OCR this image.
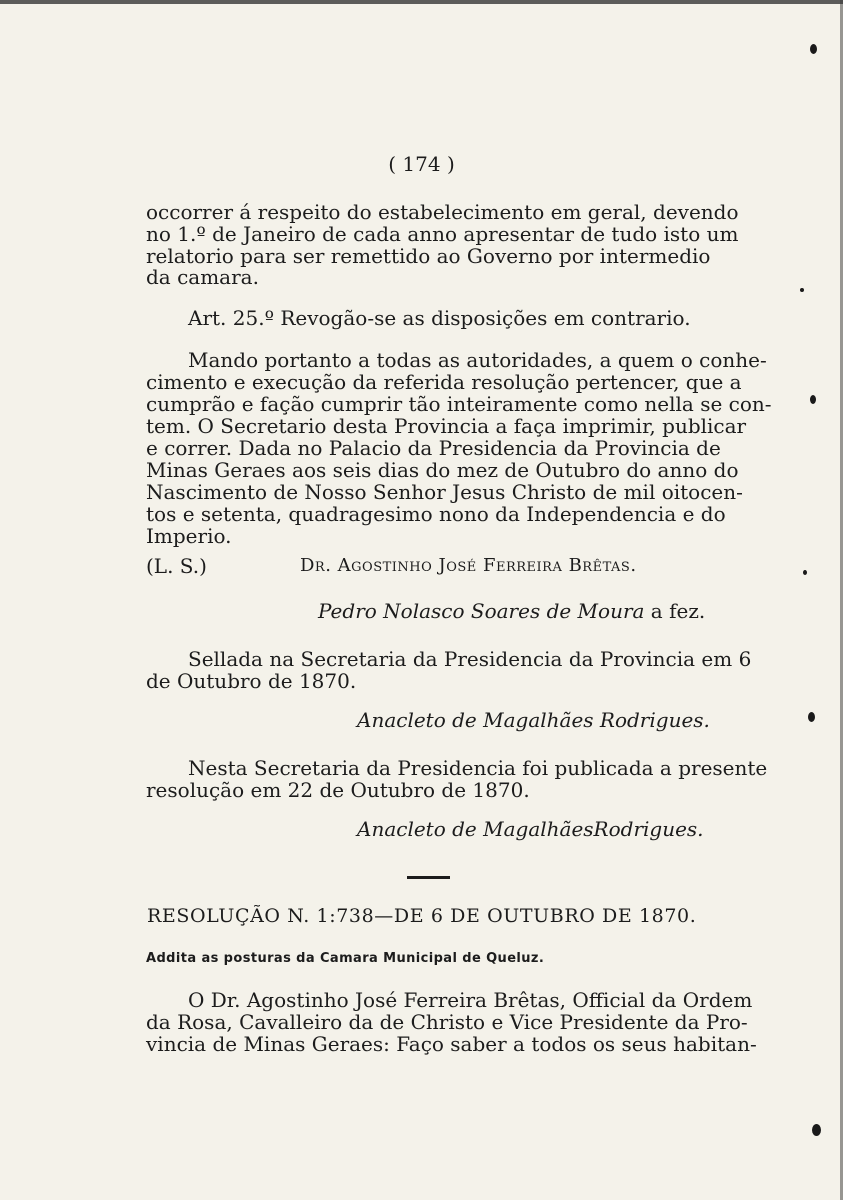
( 174 )
occorrer á respeito do estabelecimento em geral, devendo
no 1.º de Janeiro de cada anno apresentar de tudo isto um
relatorio para ser remettido ao Governo por intermedio
da camara.
Art. 25.º Revogão-se as disposições em contrario.
Mando portanto a todas as autoridades, a quem o conhe-
cimento e execução da referida resolução pertencer, que a
cumprão e fação cumprir tão inteiramente como nella se con-
tem. O Secretario desta Provincia a faça imprimir, publicar
e correr. Dada no Palacio da Presidencia da Provincia de
Minas Geraes aos seis dias do mez de Outubro do anno do
Nascimento de Nosso Senhor Jesus Christo de mil oitocen-
tos e setenta, quadragesimo nono da Independencia e do
Imperio.
(L. S.)	Dr. Agostinho José Ferreira Brêtas.
Pedro Nolasco Soares de Moura a fez.
Sellada na Secretaria da Presidencia da Provincia em 6
de Outubro de 1870.
Anacleto de Magalhães Rodrigues.
Nesta Secretaria da Presidencia foi publicada a presente
resolução em 22 de Outubro de 1870.
Anacleto de MagalhãesRodrigues.
RESOLUÇÃO N. 1:738—DE 6 DE OUTUBRO DE 1870.
Addita as posturas da Camara Municipal de Queluz.
O Dr. Agostinho José Ferreira Brêtas, Official da Ordem
da Rosa, Cavalleiro da de Christo e Vice Presidente da Pro-
vincia de Minas Geraes: Faço saber a todos os seus habitan-
